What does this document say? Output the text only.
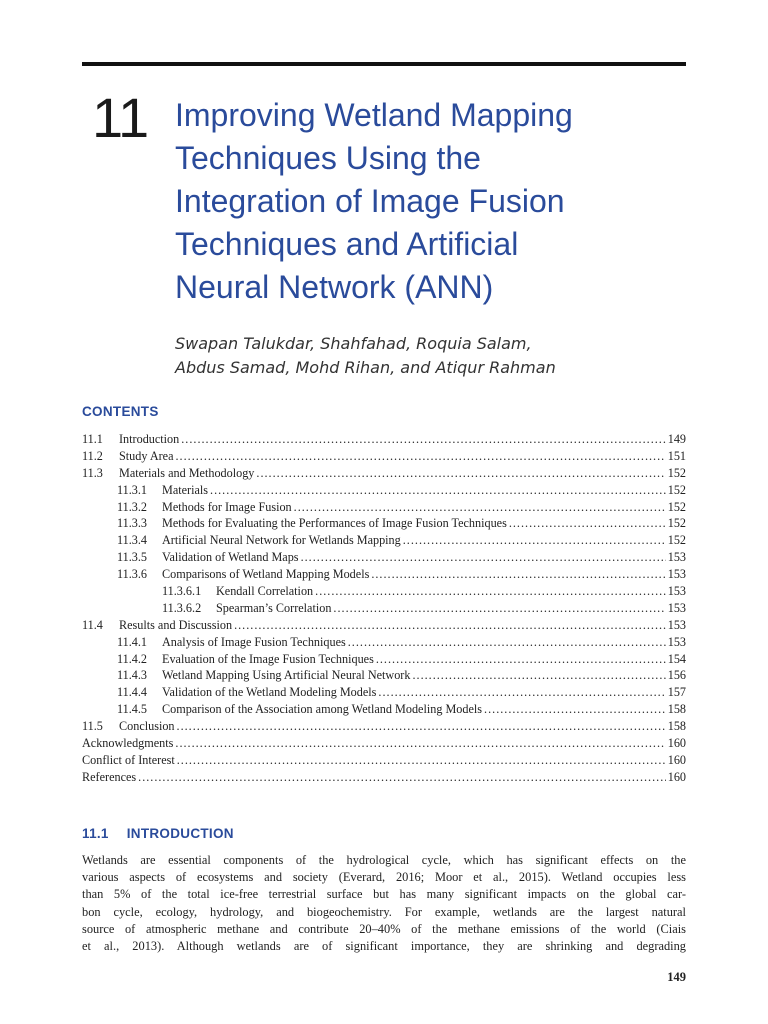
11 Improving Wetland Mapping
Techniques Using the
Integration of Image Fusion
Techniques and Artificial
Neural Network (ANN)
Swapan Talukdar, Shahfahad, Roquia Salam,
Abdus Samad, Mohd Rihan, and Atiqur Rahman
CONTENTS
11.1	Introduction .....	149
11.2	Study Area .....	151
11.3	Materials and Methodology .....	152
11.3.1	Materials .....	152
11.3.2	Methods for Image Fusion .....	152
11.3.3	Methods for Evaluating the Performances of Image Fusion Techniques .....	152
11.3.4	Artificial Neural Network for Wetlands Mapping .....	152
11.3.5	Validation of Wetland Maps .....	153
11.3.6	Comparisons of Wetland Mapping Models .....	153
11.3.6.1	Kendall Correlation .....	153
11.3.6.2	Spearman’s Correlation .....	153
11.4	Results and Discussion .....	153
11.4.1	Analysis of Image Fusion Techniques .....	153
11.4.2	Evaluation of the Image Fusion Techniques .....	154
11.4.3	Wetland Mapping Using Artificial Neural Network .....	156
11.4.4	Validation of the Wetland Modeling Models .....	157
11.4.5	Comparison of the Association among Wetland Modeling Models .....	158
11.5	Conclusion .....	158
Acknowledgments .....	160
Conflict of Interest .....	160
References .....	160
11.1 INTRODUCTION
Wetlands are essential components of the hydrological cycle, which has significant effects on the
various aspects of ecosystems and society (Everard, 2016; Moor et al., 2015). Wetland occupies less
than 5% of the total ice-free terrestrial surface but has many significant impacts on the global car-
bon cycle, ecology, hydrology, and biogeochemistry. For example, wetlands are the largest natural
source of atmospheric methane and contribute 20–40% of the methane emissions of the world (Ciais
et al., 2013). Although wetlands are of significant importance, they are shrinking and degrading
149
